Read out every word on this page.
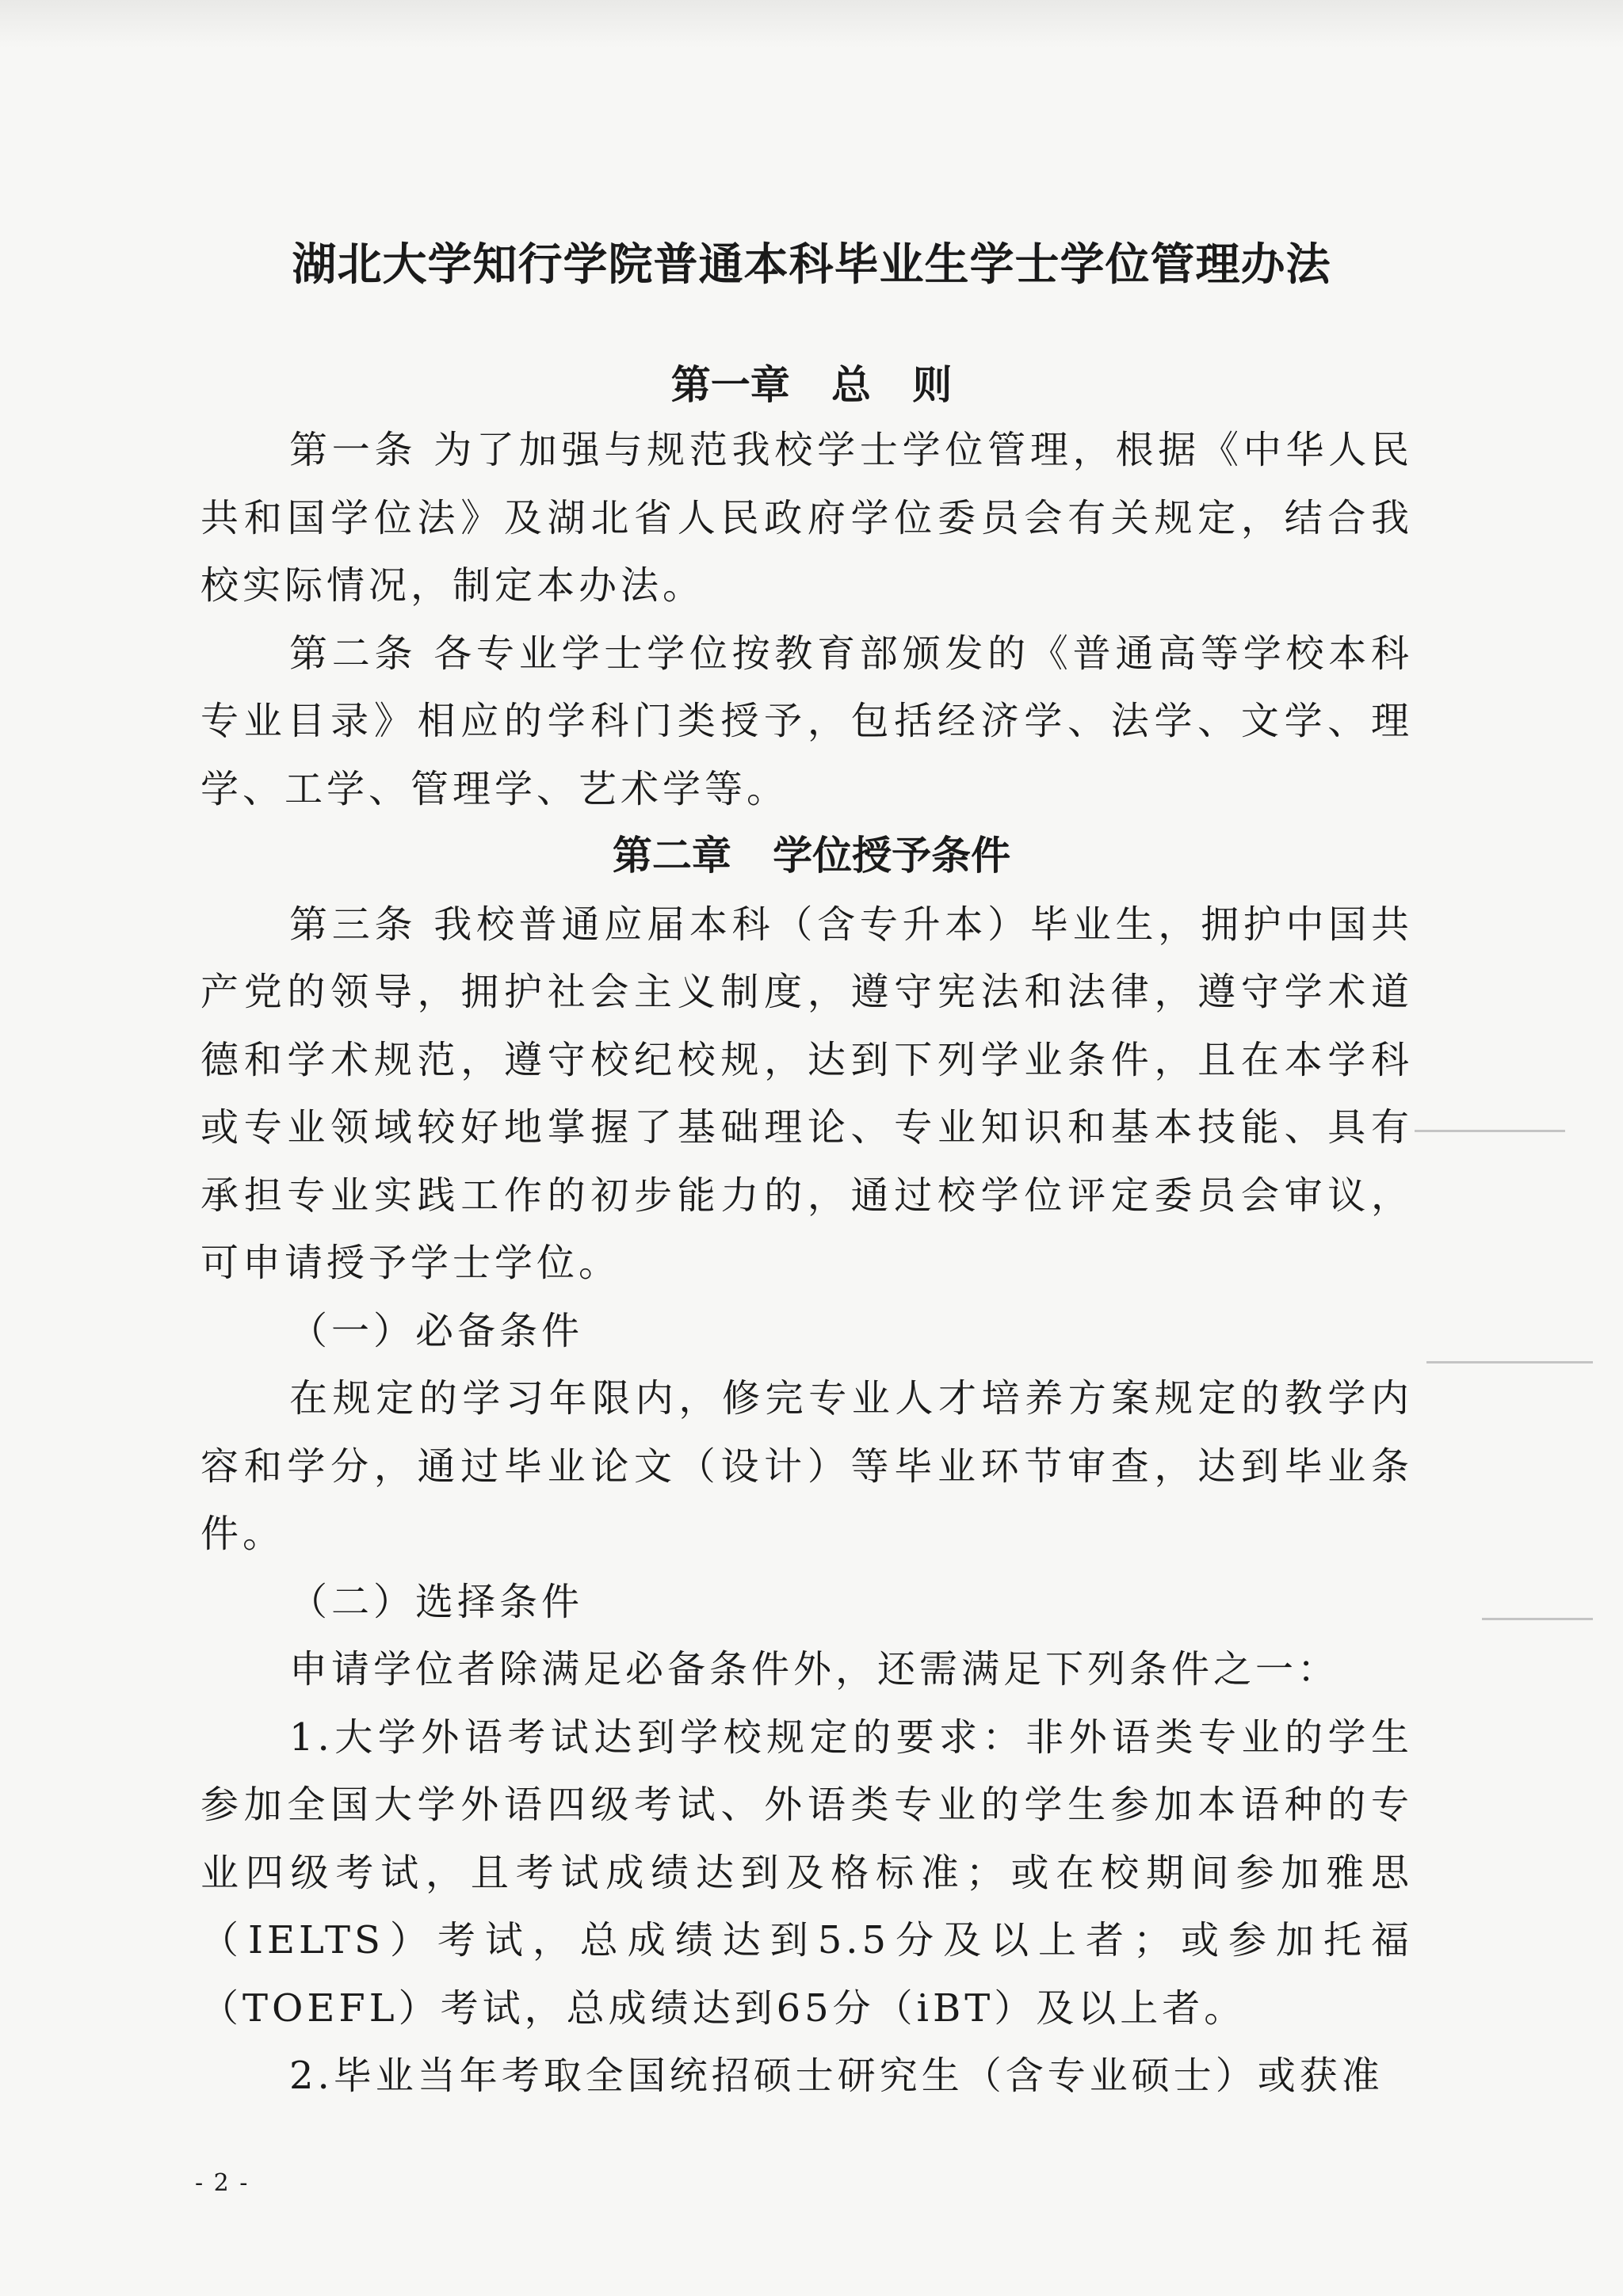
湖北大学知行学院普通本科毕业生学士学位管理办法
第一章   总   则

第一条 为了加强与规范我校学士学位管理，根据《中华人民共和国学位法》及湖北省人民政府学位委员会有关规定，结合我校实际情况，制定本办法。

第二条 各专业学士学位按教育部颁发的《普通高等学校本科专业目录》相应的学科门类授予，包括经济学、法学、文学、理学、工学、管理学、艺术学等。

第三条 我校普通应届本科（含专升本）毕业生，拥护中国共产党的领导，拥护社会主义制度，遵守宪法和法律，遵守学术道德和学术规范，遵守校纪校规，达到下列学业条件，且在本学科或专业领域较好地掌握了基础理论、专业知识和基本技能、具有承担专业实践工作的初步能力的，通过校学位评定委员会审议，可申请授予学士学位。

（一）必备条件

在规定的学习年限内，修完专业人才培养方案规定的教学内容和学分，通过毕业论文（设计）等毕业环节审查，达到毕业条件。

（二）选择条件

申请学位者除满足必备条件外，还需满足下列条件之一：

1.大学外语考试达到学校规定的要求：非外语类专业的学生参加全国大学外语四级考试、外语类专业的学生参加本语种的专业四级考试，且考试成绩达到及格标准；或在校期间参加雅思（IELTS）考试，总成绩达到5.5分及以上者；或参加托福（TOEFL）考试，总成绩达到65分（iBT）及以上者。

2.毕业当年考取全国统招硕士研究生（含专业硕士）或获准

第二章   学位授予条件

- 2 -
